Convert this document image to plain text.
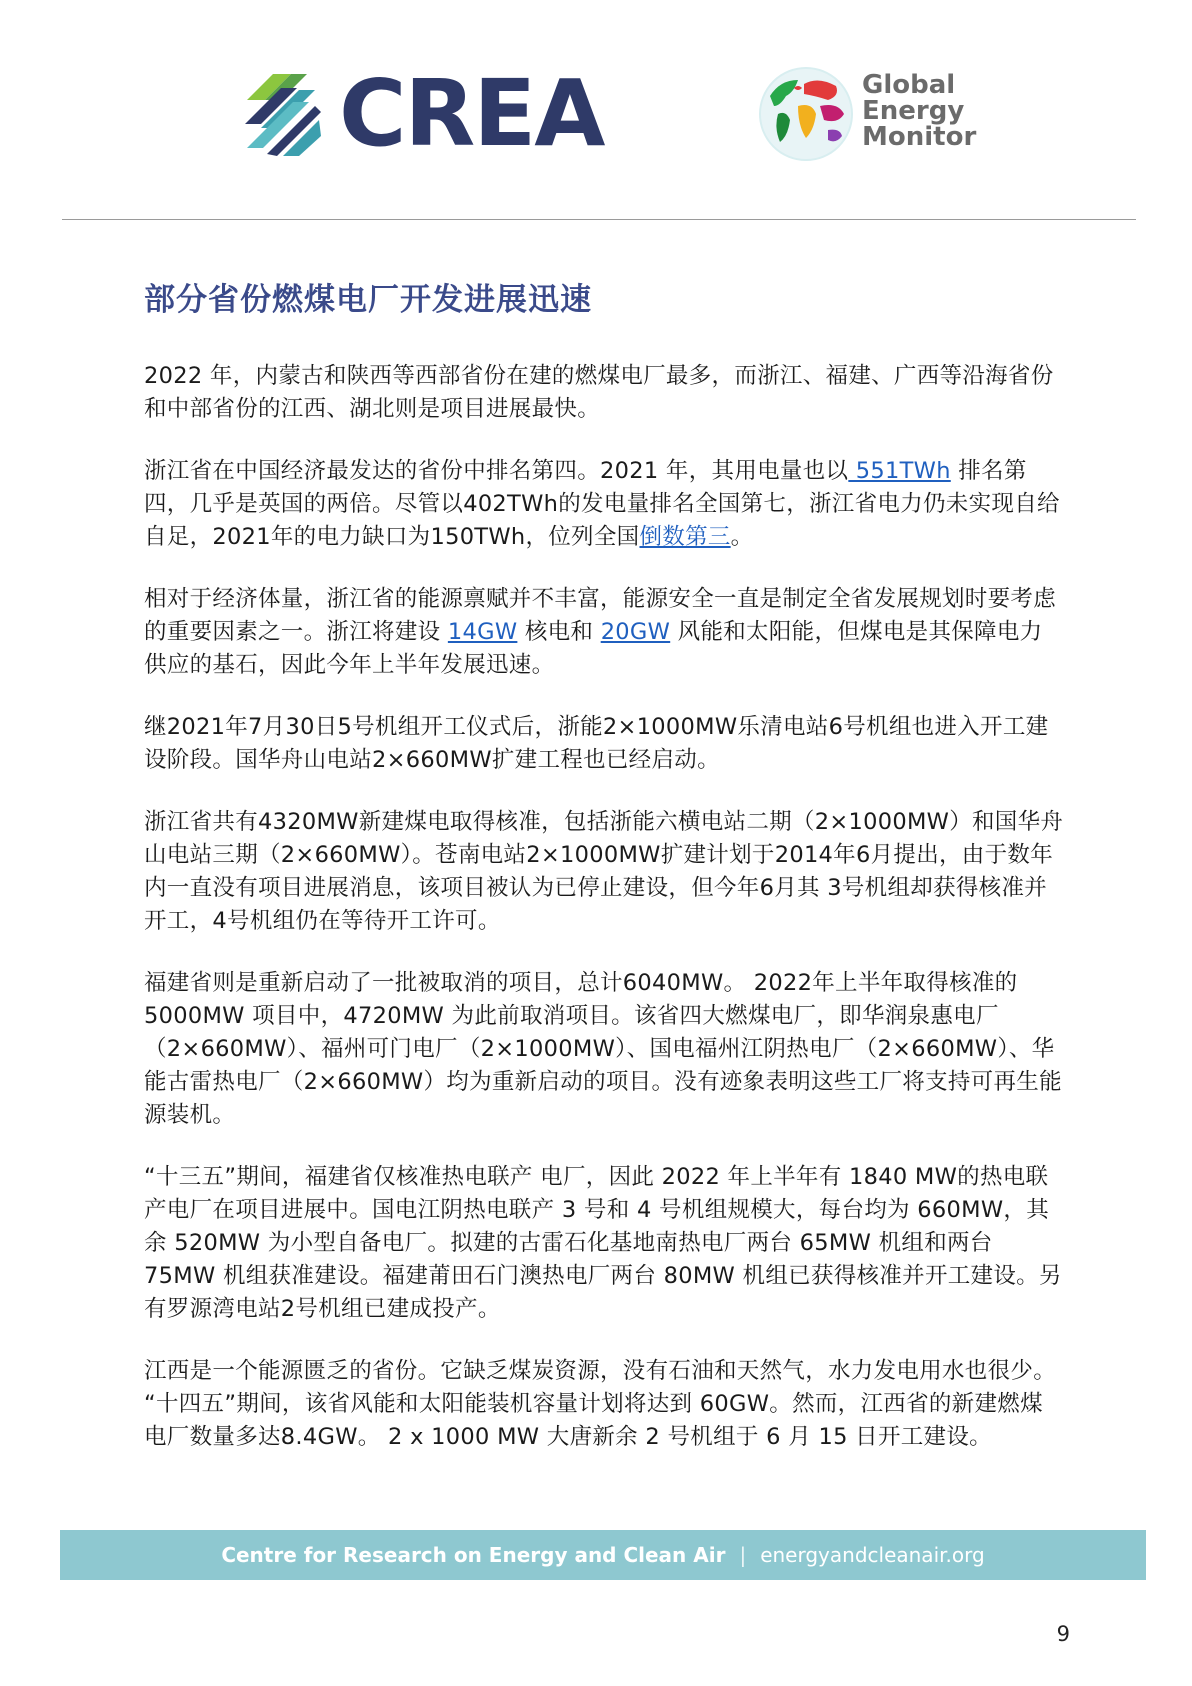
CREA	Global
Energy
Monitor
部分省份燃煤电厂开发进展迅速

2022 年，内蒙古和陕西等西部省份在建的燃煤电厂最多，而浙江、福建、广西等沿海省份和中部省份的江西、湖北则是项目进展最快。

浙江省在中国经济最发达的省份中排名第四。2021 年，其用电量也以 551TWh 排名第四，几乎是英国的两倍。尽管以402TWh的发电量排名全国第七，浙江省电力仍未实现自给自足，2021年的电力缺口为150TWh，位列全国倒数第三。

相对于经济体量，浙江省的能源禀赋并不丰富，能源安全一直是制定全省发展规划时要考虑的重要因素之一。浙江将建设 14GW 核电和 20GW 风能和太阳能，但煤电是其保障电力供应的基石，因此今年上半年发展迅速。

继2021年7月30日5号机组开工仪式后，浙能2×1000MW乐清电站6号机组也进入开工建设阶段。国华舟山电站2×660MW扩建工程也已经启动。

浙江省共有4320MW新建煤电取得核准，包括浙能六横电站二期（2×1000MW）和国华舟山电站三期（2×660MW）。苍南电站2×1000MW扩建计划于2014年6月提出，由于数年内一直没有项目进展消息，该项目被认为已停止建设，但今年6月其 3号机组却获得核准并开工，4号机组仍在等待开工许可。

福建省则是重新启动了一批被取消的项目，总计6040MW。 2022年上半年取得核准的5000MW 项目中，4720MW 为此前取消项目。该省四大燃煤电厂，即华润泉惠电厂（2×660MW）、福州可门电厂（2×1000MW）、国电福州江阴热电厂（2×660MW）、华能古雷热电厂（2×660MW）均为重新启动的项目。没有迹象表明这些工厂将支持可再生能源装机。

“十三五”期间，福建省仅核准热电联产 电厂，因此 2022 年上半年有 1840 MW的热电联产电厂在项目进展中。国电江阴热电联产 3 号和 4 号机组规模大，每台均为 660MW，其余 520MW 为小型自备电厂。拟建的古雷石化基地南热电厂两台 65MW 机组和两台 75MW 机组获准建设。福建莆田石门澳热电厂两台 80MW 机组已获得核准并开工建设。另有罗源湾电站2号机组已建成投产。

江西是一个能源匮乏的省份。它缺乏煤炭资源，没有石油和天然气，水力发电用水也很少。 “十四五”期间，该省风能和太阳能装机容量计划将达到 60GW。然而，江西省的新建燃煤电厂数量多达8.4GW。 2 x 1000 MW 大唐新余 2 号机组于 6 月 15 日开工建设。

Centre for Research on Energy and Clean Air | energyandcleanair.org
9
